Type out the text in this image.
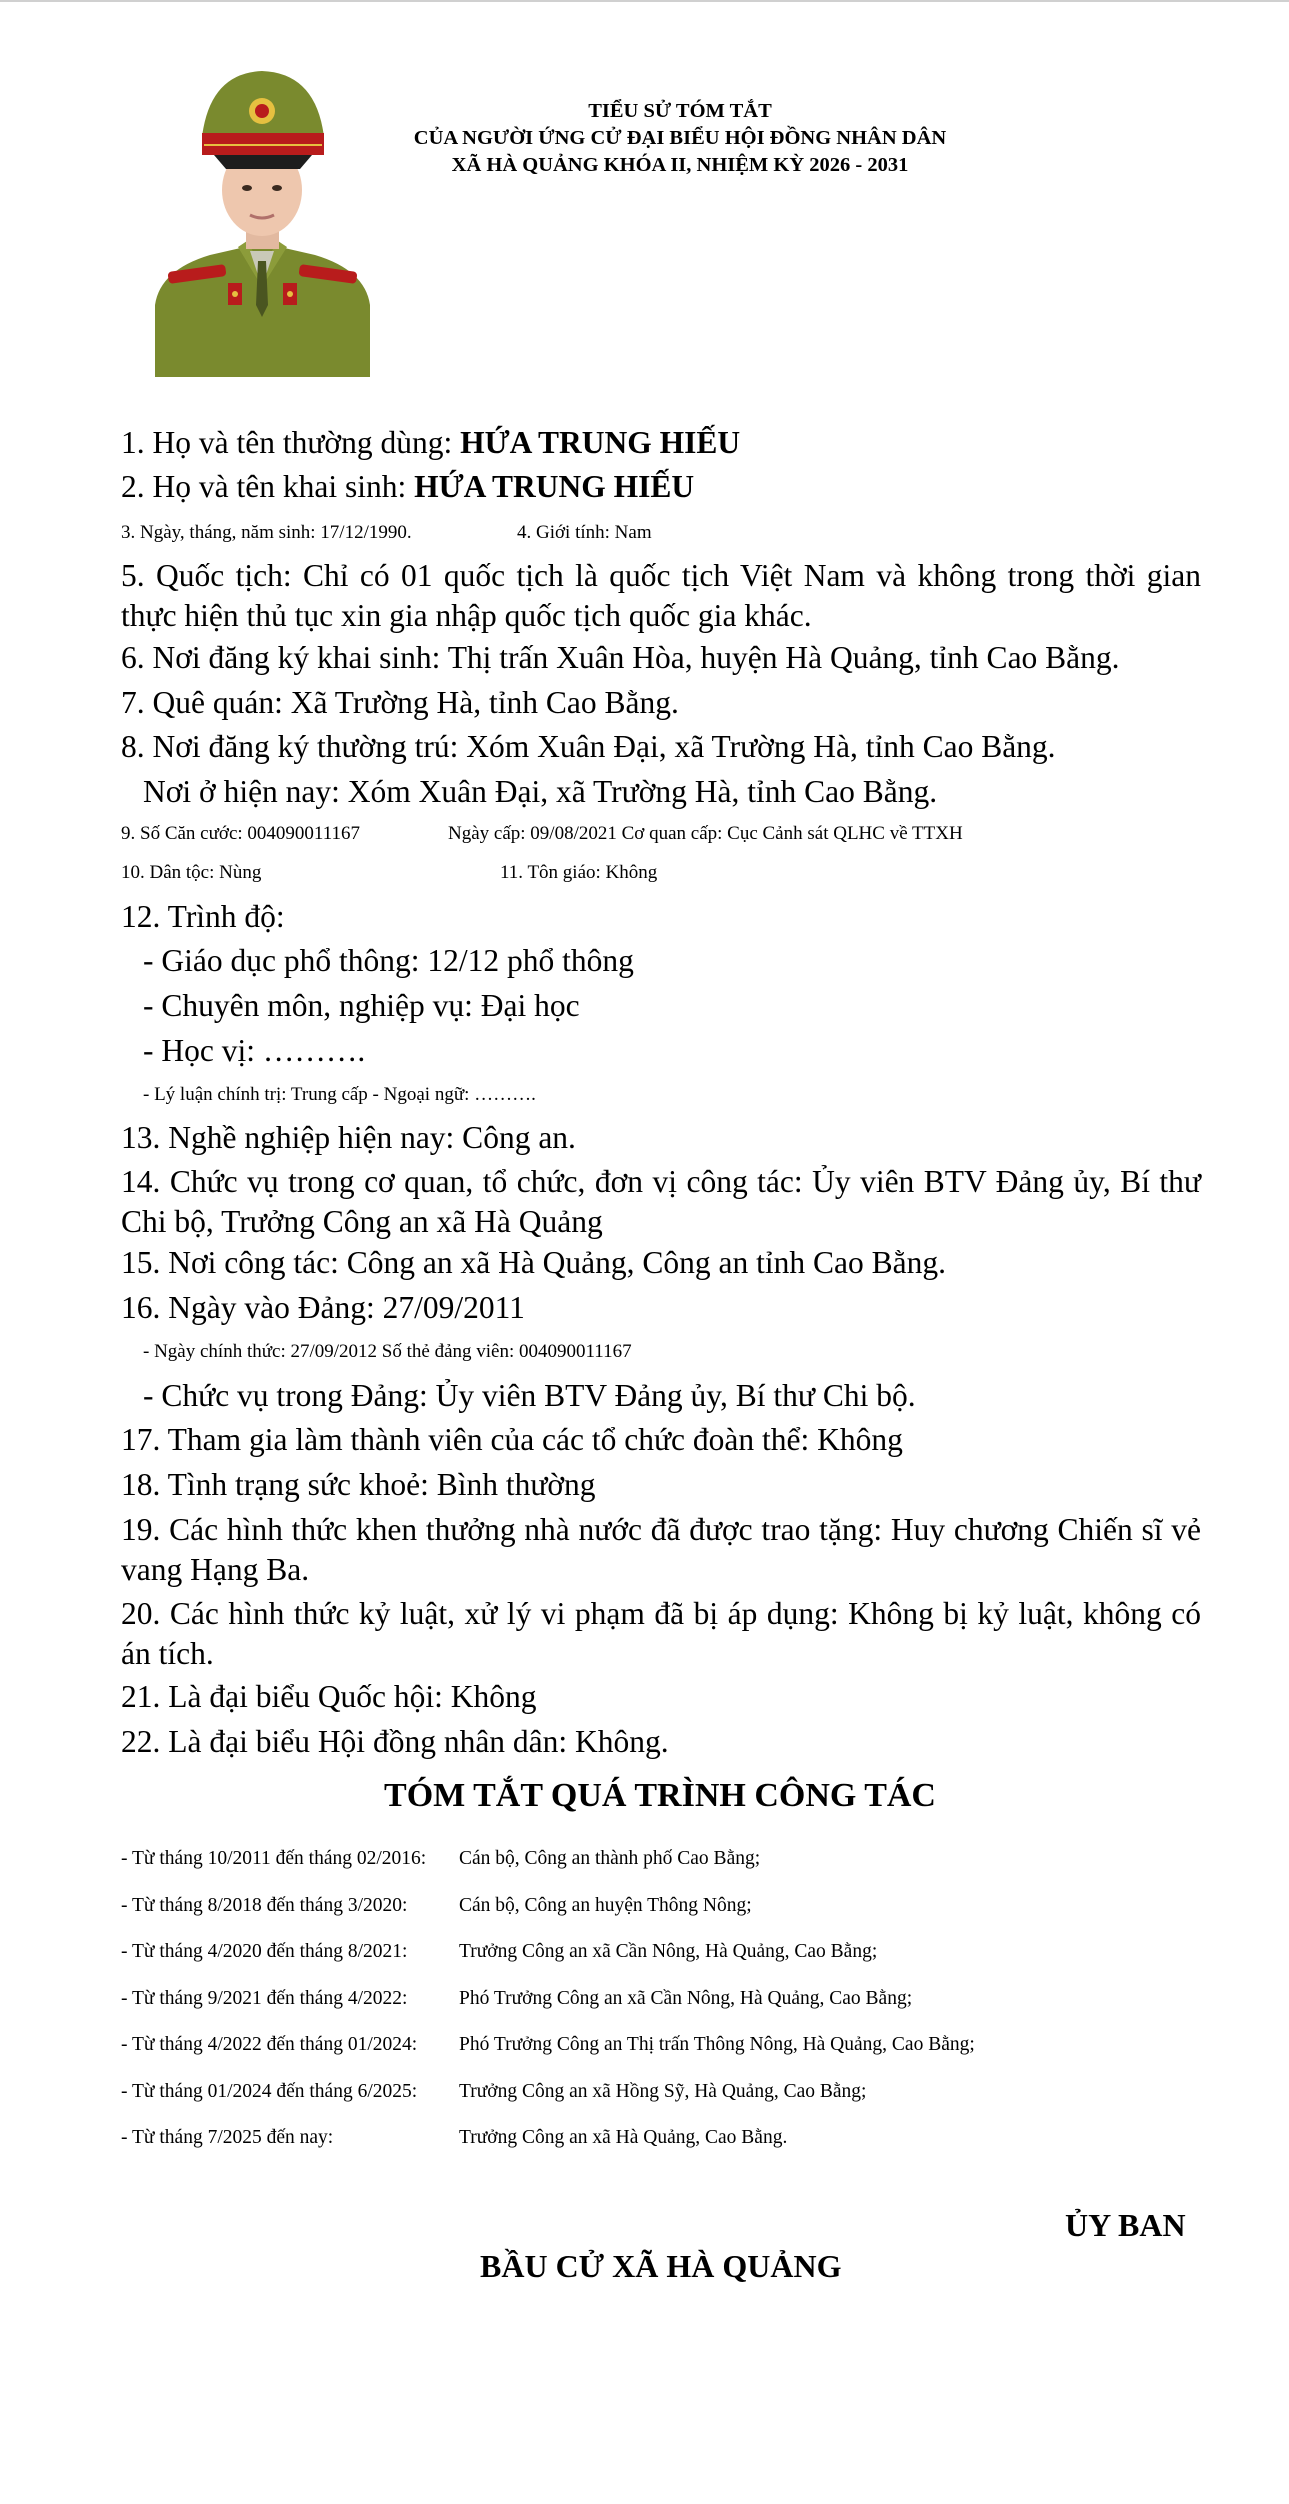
TIỂU SỬ TÓM TẮT
CỦA NGƯỜI ỨNG CỬ ĐẠI BIỂU HỘI ĐỒNG NHÂN DÂN
XÃ HÀ QUẢNG KHÓA II, NHIỆM KỲ 2026 - 2031
1. Họ và tên thường dùng: HỨA TRUNG HIẾU
2. Họ và tên khai sinh: HỨA TRUNG HIẾU
3. Ngày, tháng, năm sinh: 17/12/1990.	4. Giới tính: Nam
5. Quốc tịch: Chỉ có 01 quốc tịch là quốc tịch Việt Nam và không trong thời gian thực hiện thủ tục xin gia nhập quốc tịch quốc gia khác.
6. Nơi đăng ký khai sinh: Thị trấn Xuân Hòa, huyện Hà Quảng, tỉnh Cao Bằng.
7. Quê quán: Xã Trường Hà, tỉnh Cao Bằng.
8. Nơi đăng ký thường trú: Xóm Xuân Đại, xã Trường Hà, tỉnh Cao Bằng.
Nơi ở hiện nay: Xóm Xuân Đại, xã Trường Hà, tỉnh Cao Bằng.
9. Số Căn cước: 004090011167	Ngày cấp: 09/08/2021 Cơ quan cấp: Cục Cảnh sát QLHC về TTXH
10. Dân tộc: Nùng	11. Tôn giáo: Không
12. Trình độ:
- Giáo dục phổ thông: 12/12 phổ thông
- Chuyên môn, nghiệp vụ: Đại học
- Học vị: ……….
- Lý luận chính trị: Trung cấp - Ngoại ngữ: ……….
13. Nghề nghiệp hiện nay: Công an.
14. Chức vụ trong cơ quan, tổ chức, đơn vị công tác: Ủy viên BTV Đảng ủy, Bí thư Chi bộ, Trưởng Công an xã Hà Quảng
15. Nơi công tác: Công an xã Hà Quảng, Công an tỉnh Cao Bằng.
16. Ngày vào Đảng: 27/09/2011
- Ngày chính thức: 27/09/2012 Số thẻ đảng viên: 004090011167
- Chức vụ trong Đảng: Ủy viên BTV Đảng ủy, Bí thư Chi bộ.
17. Tham gia làm thành viên của các tổ chức đoàn thể: Không
18. Tình trạng sức khoẻ: Bình thường
19. Các hình thức khen thưởng nhà nước đã được trao tặng: Huy chương Chiến sĩ vẻ vang Hạng Ba.
20. Các hình thức kỷ luật, xử lý vi phạm đã bị áp dụng: Không bị kỷ luật, không có án tích.
21. Là đại biểu Quốc hội: Không
22. Là đại biểu Hội đồng nhân dân: Không.
TÓM TẮT QUÁ TRÌNH CÔNG TÁC
- Từ tháng 10/2011 đến tháng 02/2016: Cán bộ, Công an thành phố Cao Bằng;
- Từ tháng 8/2018 đến tháng 3/2020:	Cán bộ, Công an huyện Thông Nông;
- Từ tháng 4/2020 đến tháng 8/2021:	Trưởng Công an xã Cần Nông, Hà Quảng, Cao Bằng;
- Từ tháng 9/2021 đến tháng 4/2022:	Phó Trưởng Công an xã Cần Nông, Hà Quảng, Cao Bằng;
- Từ tháng 4/2022 đến tháng 01/2024: Phó Trưởng Công an Thị trấn Thông Nông, Hà Quảng, Cao Bằng;
- Từ tháng 01/2024 đến tháng 6/2025: Trưởng Công an xã Hồng Sỹ, Hà Quảng, Cao Bằng;
- Từ tháng 7/2025 đến nay:	Trưởng Công an xã Hà Quảng, Cao Bằng.
ỦY BAN
BẦU CỬ XÃ HÀ QUẢNG
